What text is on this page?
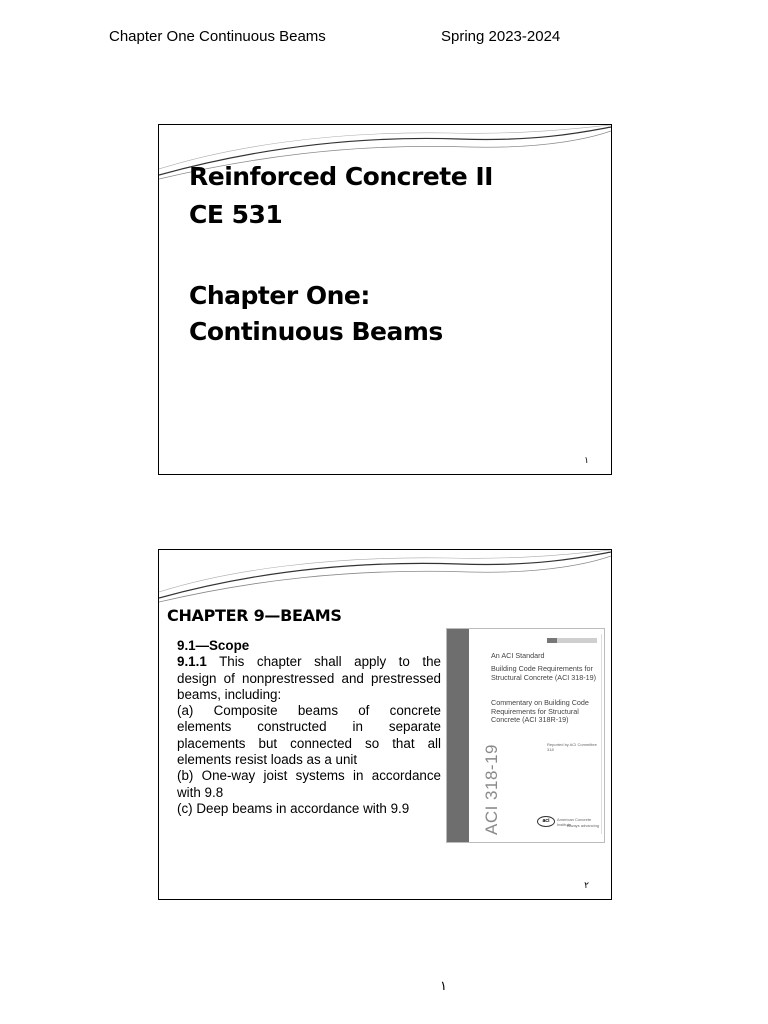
Chapter One Continuous Beams	Spring 2023-2024
Reinforced Concrete II
CE 531
Chapter One:
Continuous Beams
١
CHAPTER 9—BEAMS
9.1—Scope
9.1.1 This chapter shall apply to the
design of nonprestressed and prestressed
beams, including:
(a) Composite beams of concrete
elements constructed in separate
placements but connected so that all
elements resist loads as a unit
(b) One-way joist systems in accordance
with 9.8
(c) Deep beams in accordance with 9.9	ACI 318-19
An ACI Standard
Building Code Requirements for Structural Concrete (ACI 318-19)
Commentary on Building Code Requirements for Structural Concrete (ACI 318R-19)
Reported by ACI Committee 318
aci	American Concrete Institute
Always advancing
٢
١
